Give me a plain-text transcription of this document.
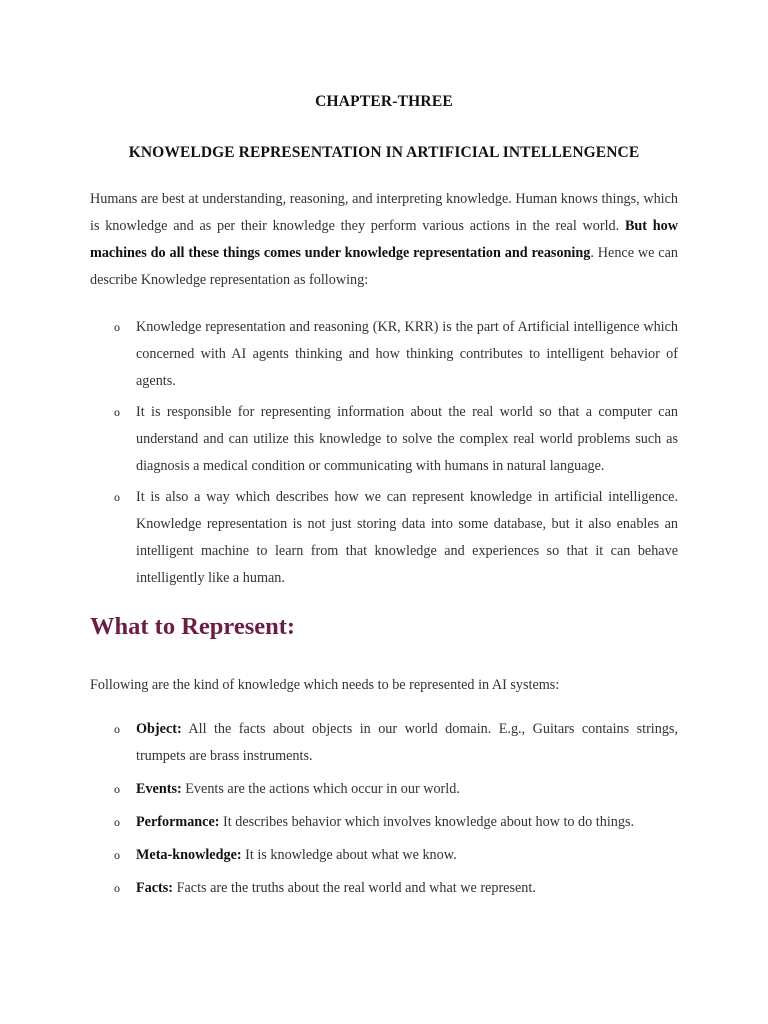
CHAPTER-THREE
KNOWELDGE REPRESENTATION IN ARTIFICIAL INTELLENGENCE
Humans are best at understanding, reasoning, and interpreting knowledge. Human knows things, which is knowledge and as per their knowledge they perform various actions in the real world. But how machines do all these things comes under knowledge representation and reasoning. Hence we can describe Knowledge representation as following:
o Knowledge representation and reasoning (KR, KRR) is the part of Artificial intelligence which concerned with AI agents thinking and how thinking contributes to intelligent behavior of agents.
o It is responsible for representing information about the real world so that a computer can understand and can utilize this knowledge to solve the complex real world problems such as diagnosis a medical condition or communicating with humans in natural language.
o It is also a way which describes how we can represent knowledge in artificial intelligence. Knowledge representation is not just storing data into some database, but it also enables an intelligent machine to learn from that knowledge and experiences so that it can behave intelligently like a human.
What to Represent:
Following are the kind of knowledge which needs to be represented in AI systems:
o Object: All the facts about objects in our world domain. E.g., Guitars contains strings, trumpets are brass instruments.
o Events: Events are the actions which occur in our world.
o Performance: It describes behavior which involves knowledge about how to do things.
o Meta-knowledge: It is knowledge about what we know.
o Facts: Facts are the truths about the real world and what we represent.
